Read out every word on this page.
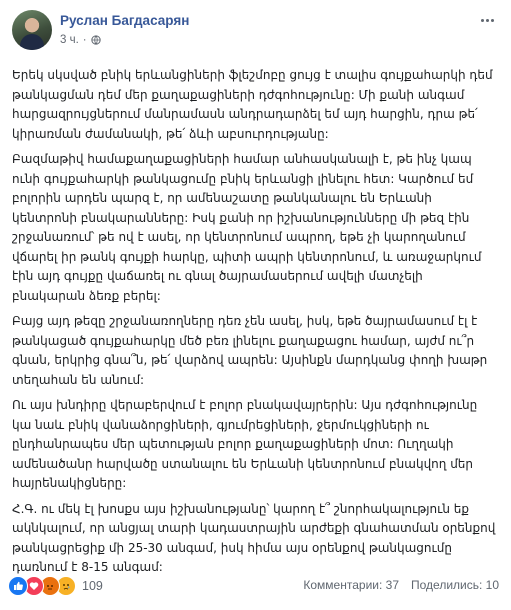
Руслан Багдасарян
3 ч. ·

Երեկ սկսված բնիկ երևանցիների ֆլեշմոբը ցույց է տալիս գույքահարկի դեմ թանկացման դեմ մեր քաղաքացիների դժգոհությունը: Մի քանի անգամ հարցազրույցներում մանրամասն անդրադարձել եմ այդ հարցին, դրա թե՛ կիրառման ժամանակի, թե՛ ձևի աբսուրդությանը:

Բազմաթիվ համաքաղաքացիների համար անհասկանալի է, թե ինչ կապ ունի գույքահարկի թանկացումը բնիկ երևանցի լինելու հետ: Կարծում եմ բոլորին արդեն պարզ է, որ ամենաշատը թանկանալու են Երևանի կենտրոնի բնակարանները: Իսկ քանի որ իշխանությունները մի թեզ էին շրջանառում՝ թե ով է ասել, որ կենտրոնում ապրող, եթե չի կարողանում վճարել իր թանկ գույքի հարկը, պիտի ապրի կենտրոնում, և առաջարկում էին այդ գույքը վաճառել ու գնալ ծայրամասերում ավելի մատչելի բնակարան ձեռք բերել:

Բայց այդ թեզը շրջանառողները դեռ չեն ասել, իսկ, եթե ծայրամասում էլ է թանկացած գույքահարկը մեծ բեռ լինելու քաղաքացու համար, այժմ ու՞ր գնան, երկրից գնա՞ն, թե՛ վարձով ապրեն: Այսինքն մարդկանց փողի խաթր տեղահան են անում:

Ու այս խնդիրը վերաբերվում է բոլոր բնակավայրերին: Այս դժգոհությունը կա նաև բնիկ վանաձորցիների, գյումրեցիների, ջերմուկցիների ու ընդհանրապես մեր պետության բոլոր քաղաքացիների մոտ: Ուղղակի ամենածանր հարվածը ստանալու են Երևանի կենտրոնում բնակվող մեր հայրենակիցները:

Հ.Գ. ու մեկ էլ խոսքս այս իշխանությանը՝ կարող է՞ շնորհակալություն եք ակնկալում, որ անցյալ տարի կադաստրային արժեքի գնահատման օրենքով թանկացրեցիք մի 25-30 անգամ, իսկ հիմա այս օրենքով թանկացումը դառնում է 8-15 անգամ:

109	Комментарии: 37 Поделились: 10
